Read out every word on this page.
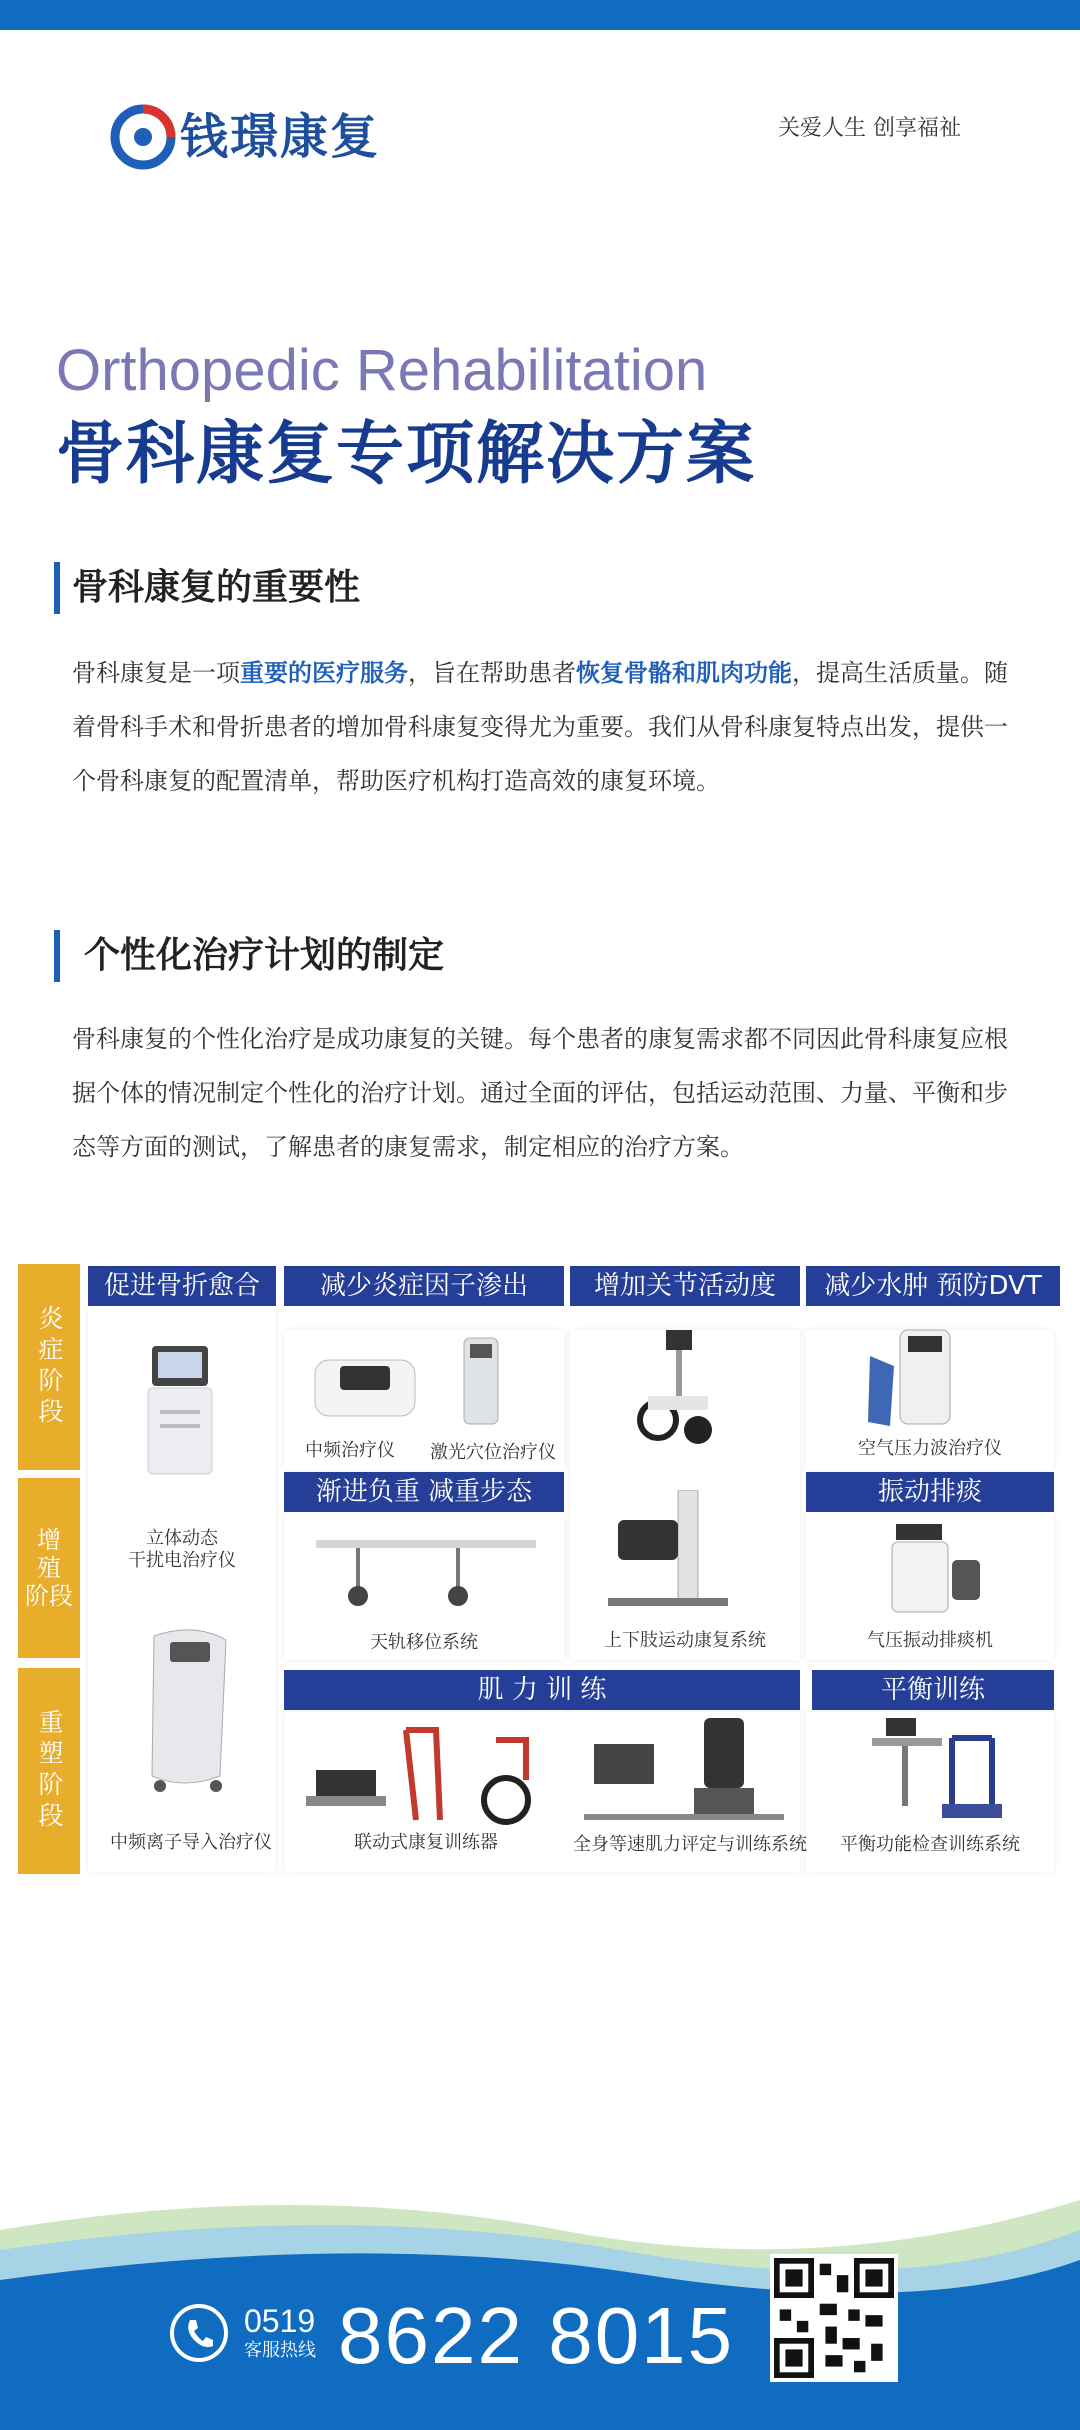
钱璟康复	关爱人生 创享福祉
Orthopedic Rehabilitation
骨科康复专项解决方案
骨科康复的重要性
骨科康复是一项重要的医疗服务，旨在帮助患者恢复骨骼和肌肉功能，提高生活质量。随着骨科手术和骨折患者的增加骨科康复变得尤为重要。我们从骨科康复特点出发，提供一个骨科康复的配置清单，帮助医疗机构打造高效的康复环境。
个性化治疗计划的制定
骨科康复的个性化治疗是成功康复的关键。每个患者的康复需求都不同因此骨科康复应根据个体的情况制定个性化的治疗计划。通过全面的评估，包括运动范围、力量、平衡和步态等方面的测试，了解患者的康复需求，制定相应的治疗方案。
炎症阶段
增
殖
阶段
重塑阶段
促进骨折愈合	减少炎症因子渗出	增加关节活动度	减少水肿 预防DVT
渐进负重 减重步态	振动排痰
肌 力 训 练	平衡训练
立体动态
干扰电治疗仪
中频治疗仪	激光穴位治疗仪
上下肢运动康复系统
空气压力波治疗仪
天轨移位系统	气压振动排痰机
中频离子导入治疗仪	联动式康复训练器	全身等速肌力评定与训练系统	平衡功能检查训练系统
0519
客服热线 8622 8015
